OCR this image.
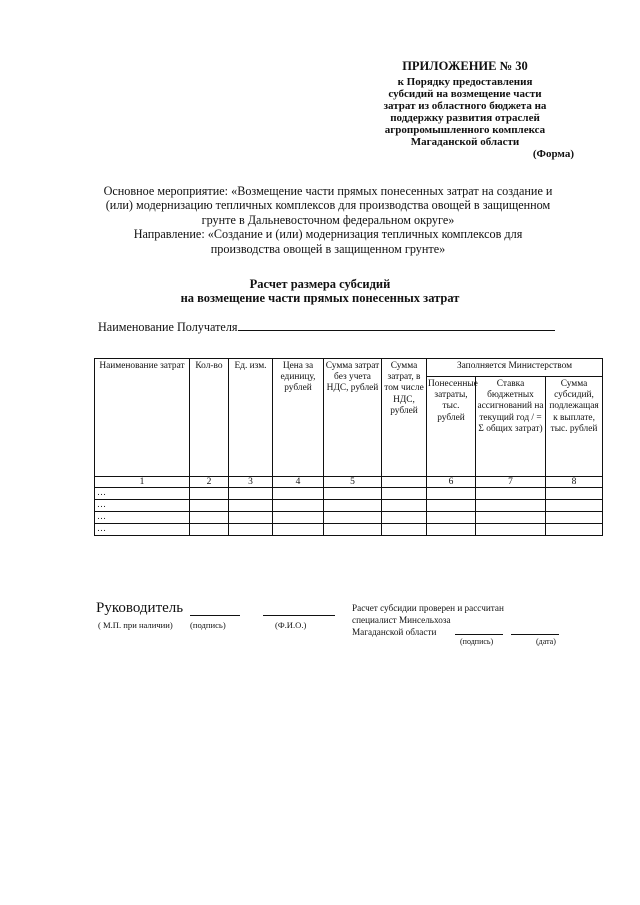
ПРИЛОЖЕНИЕ № 30
к Порядку предоставления
субсидий на возмещение части
затрат из областного бюджета на
поддержку развития отраслей
агропромышленного комплекса
Магаданской области
(Форма)
Основное мероприятие: «Возмещение части прямых понесенных затрат на создание и
(или) модернизацию тепличных комплексов для производства овощей в защищенном
грунте в Дальневосточном федеральном округе»
Направление: «Создание и (или) модернизация тепличных комплексов для
производства овощей в защищенном грунте»
Расчет размера субсидий
на возмещение части прямых понесенных затрат
Наименование Получателя
Наименование затрат	Кол-во	Ед. изм.	Цена за единицу, рублей	Сумма затрат без учета НДС, рублей	Сумма затрат, в том числе НДС, рублей	Заполняется Министерством		
						Понесенные затраты, тыс. рублей	Ставка бюджетных ассигнований на текущий год / = Σ общих затрат)	Сумма субсидий, подлежащая к выплате, тыс. рублей
1	2	3	4	5		6	7	8
…								
…								
…								
…								
Руководитель
( М.П. при наличии) (подпись)	(Ф.И.О.)
Расчет субсидии проверен и рассчитан
специалист Минсельхоза
Магаданской области
(подпись)	(дата)
